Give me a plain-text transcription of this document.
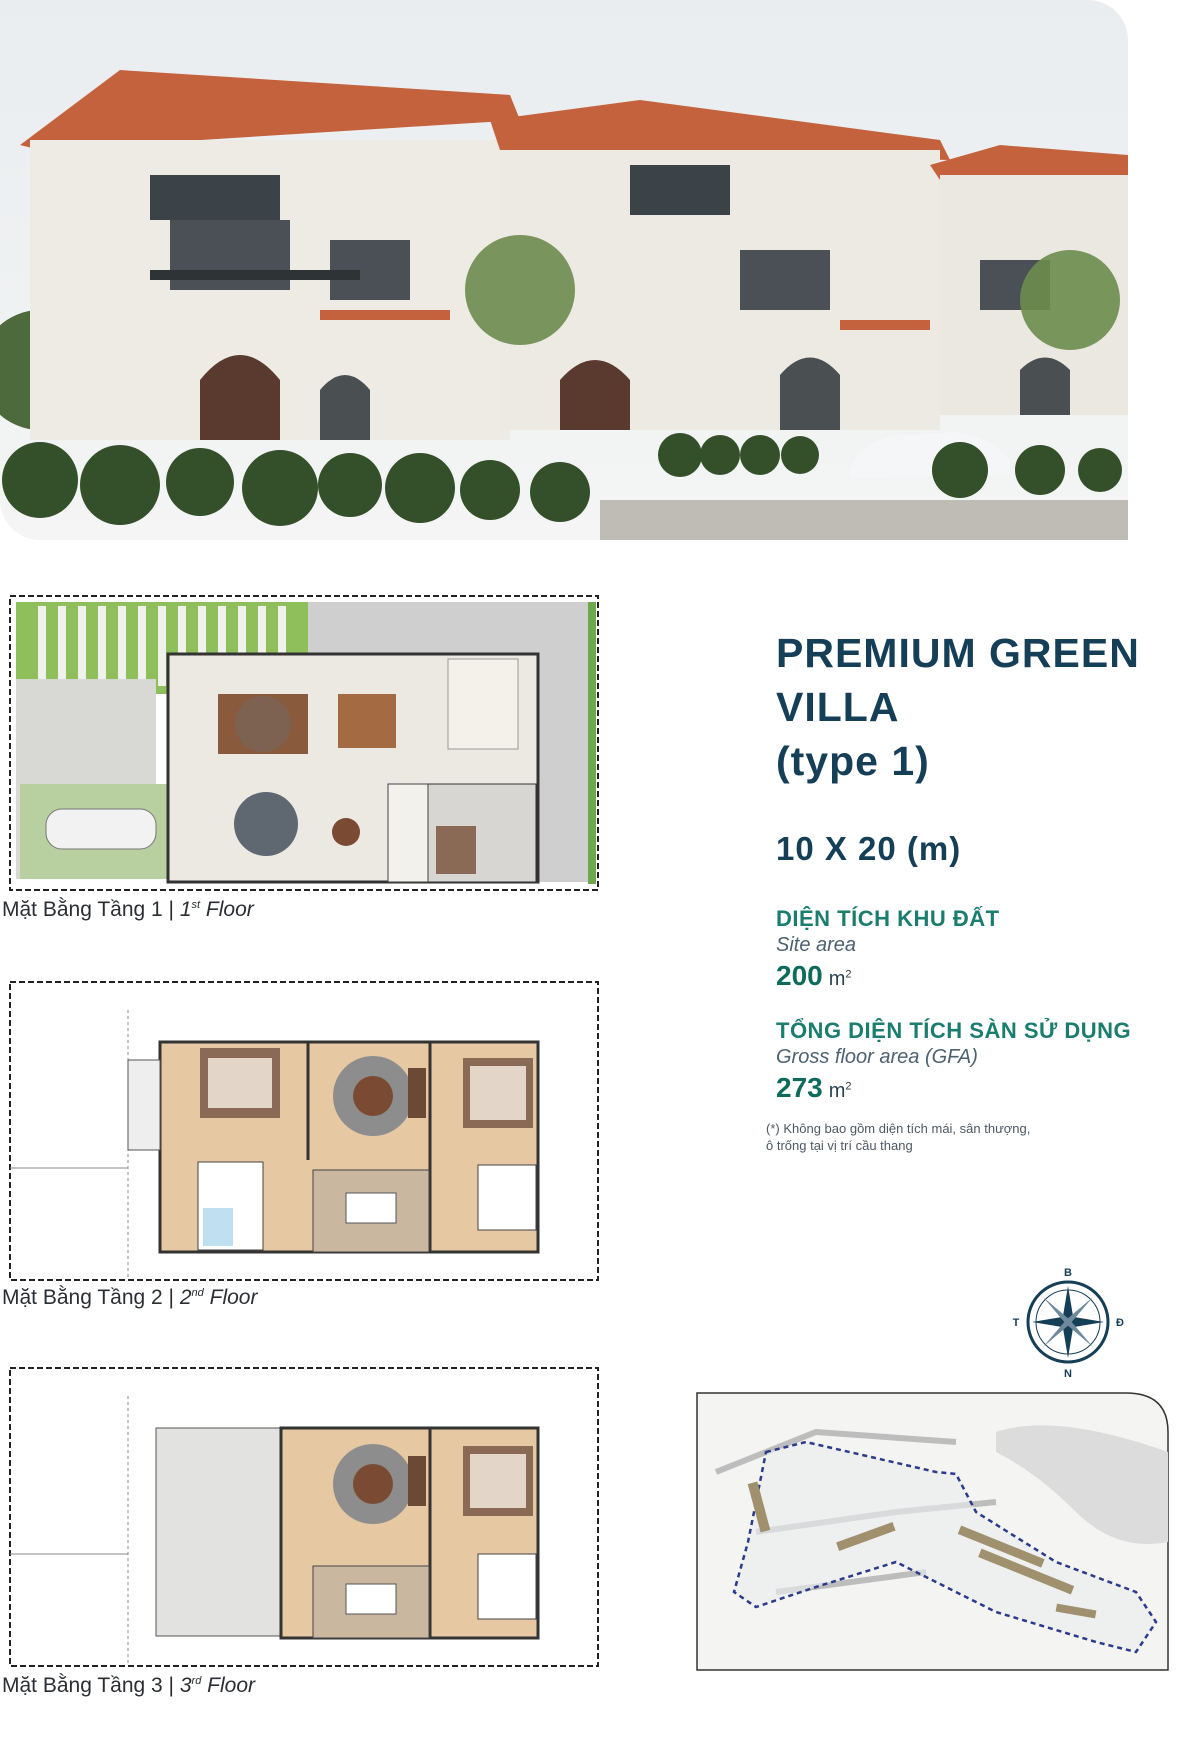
Mặt Bằng Tầng 1 | 1st Floor
Mặt Bằng Tầng 2 | 2nd Floor
Mặt Bằng Tầng 3 | 3rd Floor
PREMIUM GREEN
VILLA
(type 1)
10 X 20 (m)
DIỆN TÍCH KHU ĐẤT
Site area
200 $m^2$
TỔNG DIỆN TÍCH SÀN SỬ DỤNG
Gross floor area (GFA)
273 $m^2$
(*) Không bao gồm diện tích mái, sân thượng,
ô trống tại vị trí cầu thang
B
N
T	Đ
